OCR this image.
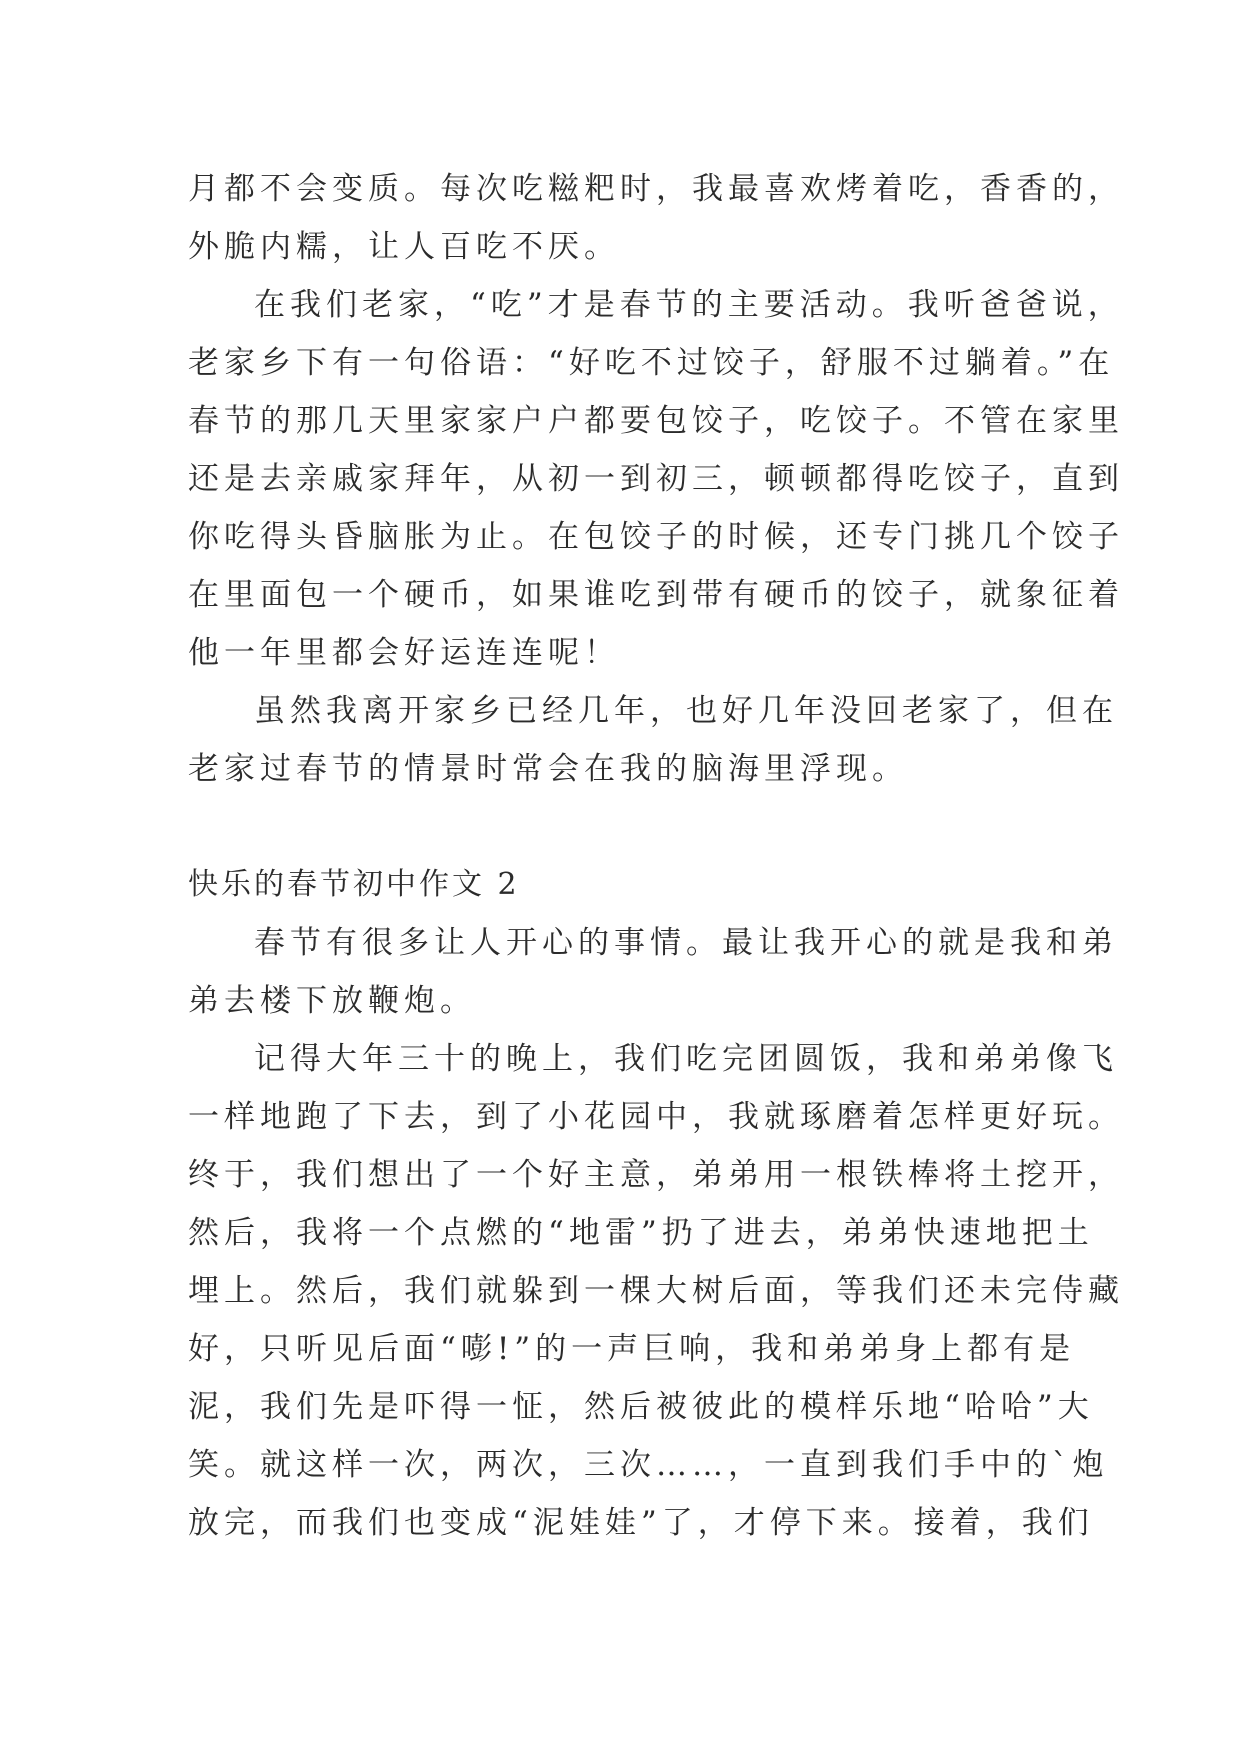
月都不会变质。每次吃糍粑时，我最喜欢烤着吃，香香的，
外脆内糯，让人百吃不厌。
在我们老家，“吃”才是春节的主要活动。我听爸爸说，
老家乡下有一句俗语：“好吃不过饺子，舒服不过躺着。”在
春节的那几天里家家户户都要包饺子，吃饺子。不管在家里
还是去亲戚家拜年，从初一到初三，顿顿都得吃饺子，直到
你吃得头昏脑胀为止。在包饺子的时候，还专门挑几个饺子
在里面包一个硬币，如果谁吃到带有硬币的饺子，就象征着
他一年里都会好运连连呢！
虽然我离开家乡已经几年，也好几年没回老家了，但在
老家过春节的情景时常会在我的脑海里浮现。
快乐的春节初中作文 2
春节有很多让人开心的事情。最让我开心的就是我和弟
弟去楼下放鞭炮。
记得大年三十的晚上，我们吃完团圆饭，我和弟弟像飞
一样地跑了下去，到了小花园中，我就琢磨着怎样更好玩。
终于，我们想出了一个好主意，弟弟用一根铁棒将土挖开，
然后，我将一个点燃的“地雷”扔了进去，弟弟快速地把土
埋上。然后，我们就躲到一棵大树后面，等我们还未完侍藏
好，只听见后面“嘭!”的一声巨响，我和弟弟身上都有是
泥，我们先是吓得一怔，然后被彼此的模样乐地“哈哈”大
笑。就这样一次，两次，三次……，一直到我们手中的`炮
放完，而我们也变成“泥娃娃”了，才停下来。接着，我们
